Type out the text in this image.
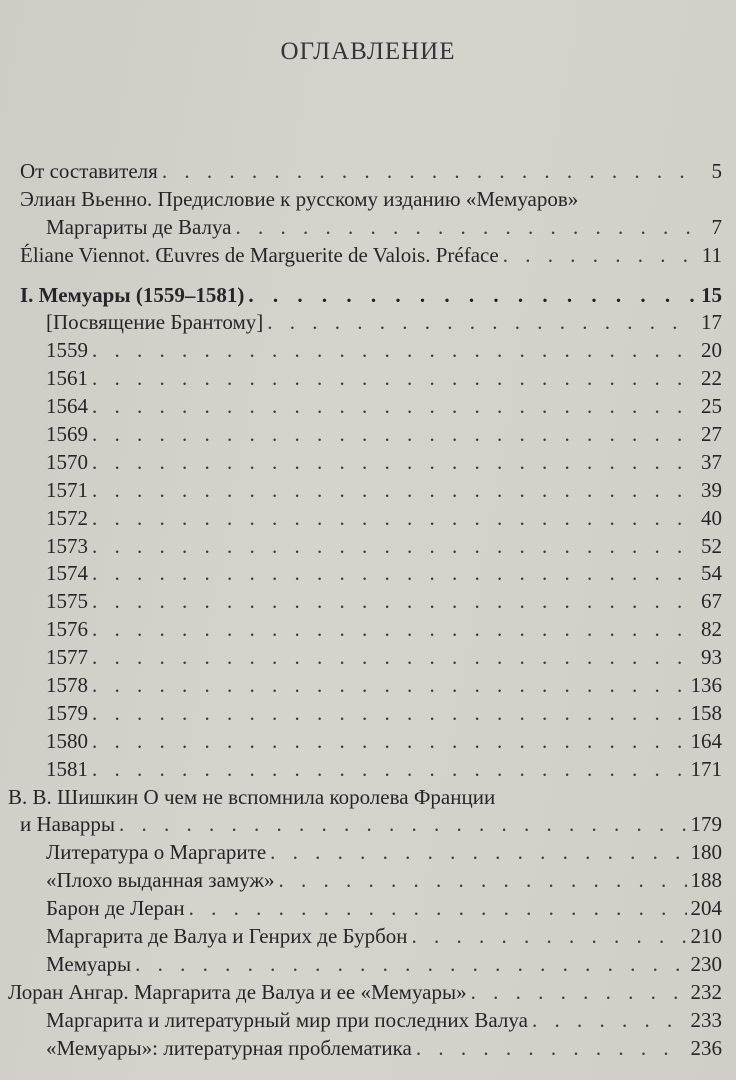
ОГЛАВЛЕНИЕ
От составителя . . .	5
Элиан Вьенно. Предисловие к русскому изданию «Мемуаров»
Маргариты де Валуа . . .	7
Éliane Viennot. Œuvres de Marguerite de Valois. Préface . . .	11
I. Мемуары (1559–1581) . . .	15
[Посвящение Брантому] . . .	17
1559 . . .	20
1561 . . .	22
1564 . . .	25
1569 . . .	27
1570 . . .	37
1571 . . .	39
1572 . . .	40
1573 . . .	52
1574 . . .	54
1575 . . .	67
1576 . . .	82
1577 . . .	93
1578 . . .	136
1579 . . .	158
1580 . . .	164
1581 . . .	171
В. В. Шишкин О чем не вспомнила королева Франции
и Наварры . . .	179
Литература о Маргарите . . .	180
«Плохо выданная замуж» . . .	188
Барон де Леран . . .	204
Маргарита де Валуа и Генрих де Бурбон . . .	210
Мемуары . . .	230
Лоран Ангар. Маргарита де Валуа и ее «Мемуары» . . .	232
Маргарита и литературный мир при последних Валуа . . .	233
«Мемуары»: литературная проблематика . . .	236
